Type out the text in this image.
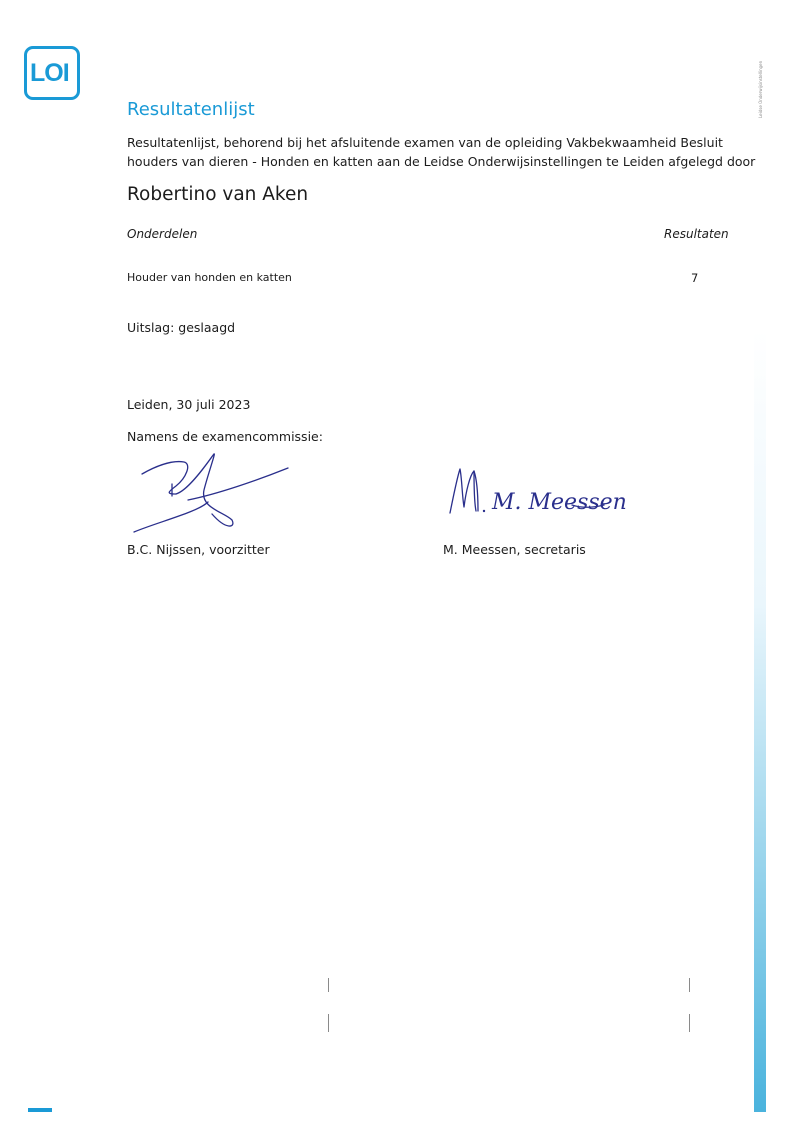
LOI
Resultatenlijst
Resultatenlijst, behorend bij het afsluitende examen van de opleiding Vakbekwaamheid Besluit
houders van dieren - Honden en katten aan de Leidse Onderwijsinstellingen te Leiden afgelegd door
Robertino van Aken
Onderdelen	Resultaten
Houder van honden en katten	7
Uitslag: geslaagd
Leiden, 30 juli 2023
Namens de examencommissie:
M. Meessen
B.C. Nijssen, voorzitter	M. Meessen, secretaris
Leidse Onderwijsinstellingen
